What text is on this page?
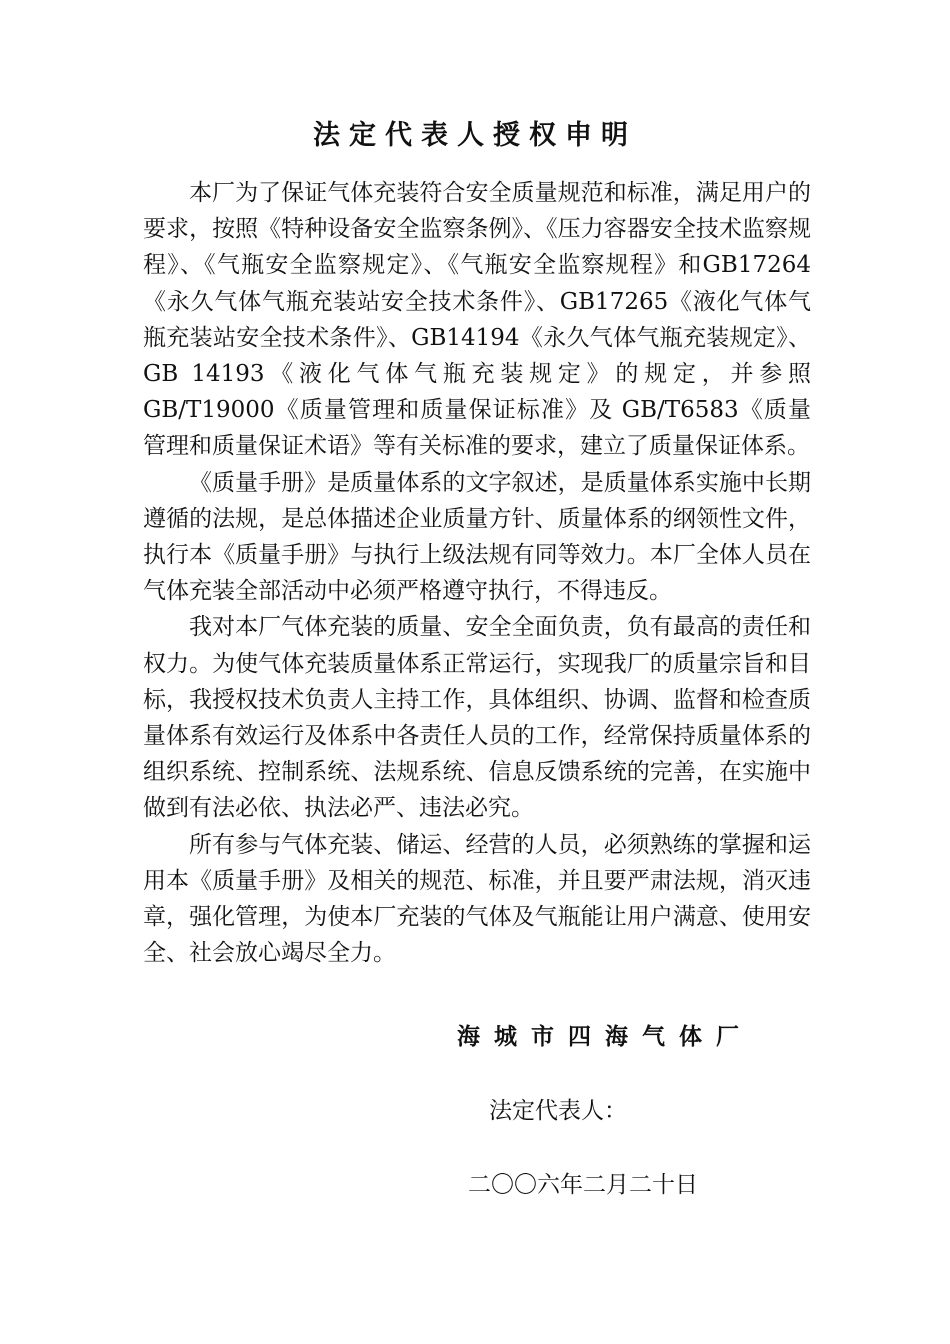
法定代表人授权申明

本厂为了保证气体充装符合安全质量规范和标准，满足用户的要求，按照《特种设备安全监察条例》、《压力容器安全技术监察规程》、《气瓶安全监察规定》、《气瓶安全监察规程》和GB17264《永久气体气瓶充装站安全技术条件》、GB17265《液化气体气瓶充装站安全技术条件》、GB14194《永久气体气瓶充装规定》、GB 14193《液化气体气瓶充装规定》的规定，并参照GB/T19000《质量管理和质量保证标准》及 GB/T6583《质量管理和质量保证术语》等有关标准的要求，建立了质量保证体系。

《质量手册》是质量体系的文字叙述，是质量体系实施中长期遵循的法规，是总体描述企业质量方针、质量体系的纲领性文件，执行本《质量手册》与执行上级法规有同等效力。本厂全体人员在气体充装全部活动中必须严格遵守执行，不得违反。

我对本厂气体充装的质量、安全全面负责，负有最高的责任和权力。为使气体充装质量体系正常运行，实现我厂的质量宗旨和目标，我授权技术负责人主持工作，具体组织、协调、监督和检查质量体系有效运行及体系中各责任人员的工作，经常保持质量体系的组织系统、控制系统、法规系统、信息反馈系统的完善，在实施中做到有法必依、执法必严、违法必究。

所有参与气体充装、储运、经营的人员，必须熟练的掌握和运用本《质量手册》及相关的规范、标准，并且要严肃法规，消灭违章，强化管理，为使本厂充装的气体及气瓶能让用户满意、使用安全、社会放心竭尽全力。

海城市四海气体厂
法定代表人：
二〇〇六年二月二十日
